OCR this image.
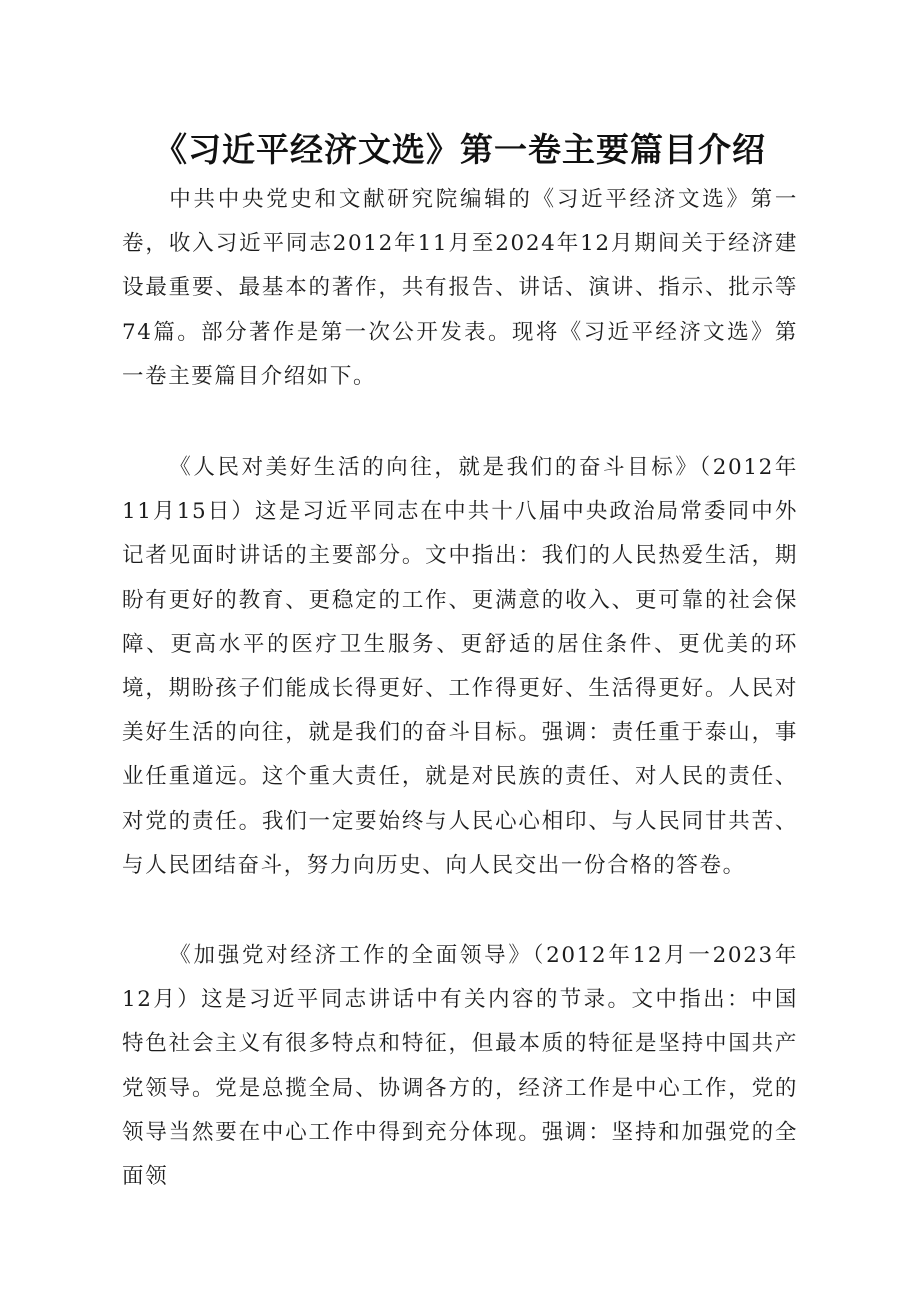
《习近平经济文选》第一卷主要篇目介绍

中共中央党史和文献研究院编辑的《习近平经济文选》第一卷，收入习近平同志2012年11月至2024年12月期间关于经济建设最重要、最基本的著作，共有报告、讲话、演讲、指示、批示等74篇。部分著作是第一次公开发表。现将《习近平经济文选》第一卷主要篇目介绍如下。

《人民对美好生活的向往，就是我们的奋斗目标》（2012年11月15日）这是习近平同志在中共十八届中央政治局常委同中外记者见面时讲话的主要部分。文中指出：我们的人民热爱生活，期盼有更好的教育、更稳定的工作、更满意的收入、更可靠的社会保障、更高水平的医疗卫生服务、更舒适的居住条件、更优美的环境，期盼孩子们能成长得更好、工作得更好、生活得更好。人民对美好生活的向往，就是我们的奋斗目标。强调：责任重于泰山，事业任重道远。这个重大责任，就是对民族的责任、对人民的责任、对党的责任。我们一定要始终与人民心心相印、与人民同甘共苦、与人民团结奋斗，努力向历史、向人民交出一份合格的答卷。

《加强党对经济工作的全面领导》（2012年12月一2023年12月）这是习近平同志讲话中有关内容的节录。文中指出：中国特色社会主义有很多特点和特征，但最本质的特征是坚持中国共产党领导。党是总揽全局、协调各方的，经济工作是中心工作，党的领导当然要在中心工作中得到充分体现。强调：坚持和加强党的全面领
